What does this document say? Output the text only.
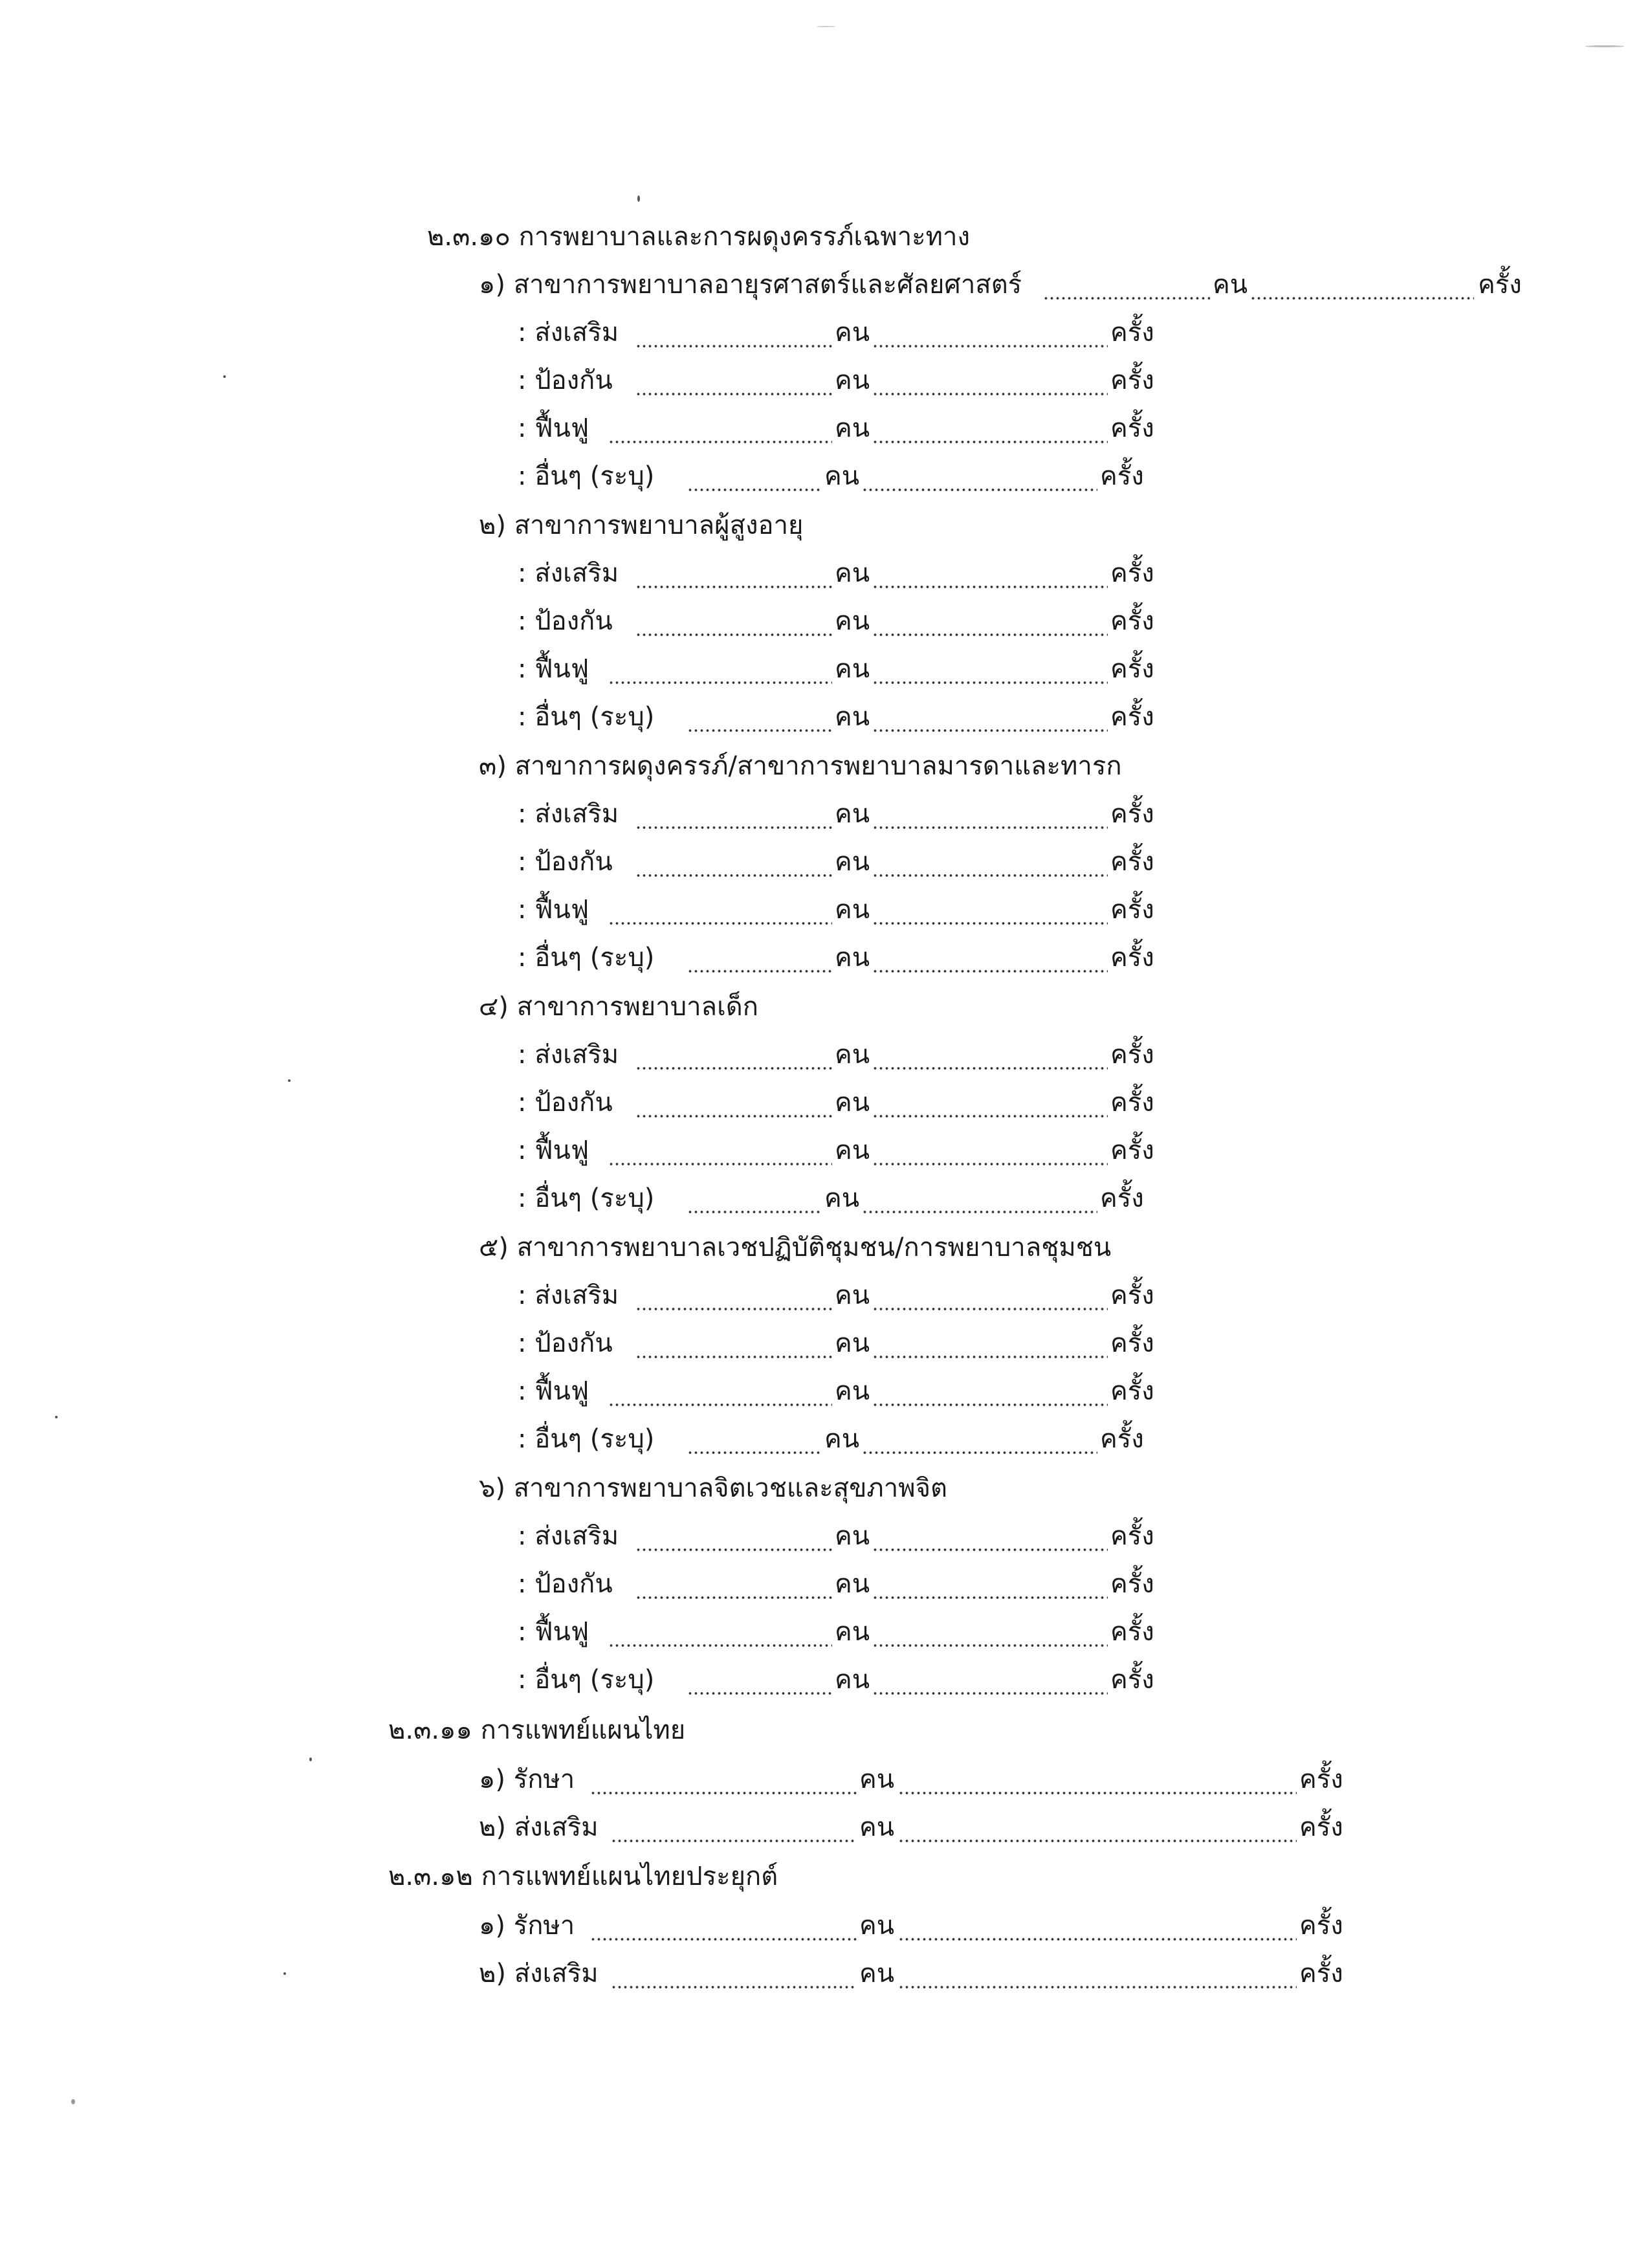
๒.๓.๑๐ การพยาบาลและการผดุงครรภ์เฉพาะทาง
๑) สาขาการพยาบาลอายุรศาสตร์และศัลยศาสตร์	คน	ครั้ง
: ส่งเสริม	คน	ครั้ง
: ป้องกัน	คน	ครั้ง
: ฟื้นฟู	คน	ครั้ง
: อื่นๆ (ระบุ)	คน	ครั้ง
๒) สาขาการพยาบาลผู้สูงอายุ
: ส่งเสริม	คน	ครั้ง
: ป้องกัน	คน	ครั้ง
: ฟื้นฟู	คน	ครั้ง
: อื่นๆ (ระบุ)	คน	ครั้ง
๓) สาขาการผดุงครรภ์/สาขาการพยาบาลมารดาและทารก
: ส่งเสริม	คน	ครั้ง
: ป้องกัน	คน	ครั้ง
: ฟื้นฟู	คน	ครั้ง
: อื่นๆ (ระบุ)	คน	ครั้ง
๔) สาขาการพยาบาลเด็ก
: ส่งเสริม	คน	ครั้ง
: ป้องกัน	คน	ครั้ง
: ฟื้นฟู	คน	ครั้ง
: อื่นๆ (ระบุ)	คน	ครั้ง
๕) สาขาการพยาบาลเวชปฏิบัติชุมชน/การพยาบาลชุมชน
: ส่งเสริม	คน	ครั้ง
: ป้องกัน	คน	ครั้ง
: ฟื้นฟู	คน	ครั้ง
: อื่นๆ (ระบุ)	คน	ครั้ง
๖) สาขาการพยาบาลจิตเวชและสุขภาพจิต
: ส่งเสริม	คน	ครั้ง
: ป้องกัน	คน	ครั้ง
: ฟื้นฟู	คน	ครั้ง
: อื่นๆ (ระบุ)	คน	ครั้ง
๒.๓.๑๑ การแพทย์แผนไทย
๑) รักษา	คน	ครั้ง
๒) ส่งเสริม	คน	ครั้ง
๒.๓.๑๒ การแพทย์แผนไทยประยุกต์
๑) รักษา	คน	ครั้ง
๒) ส่งเสริม	คน	ครั้ง
